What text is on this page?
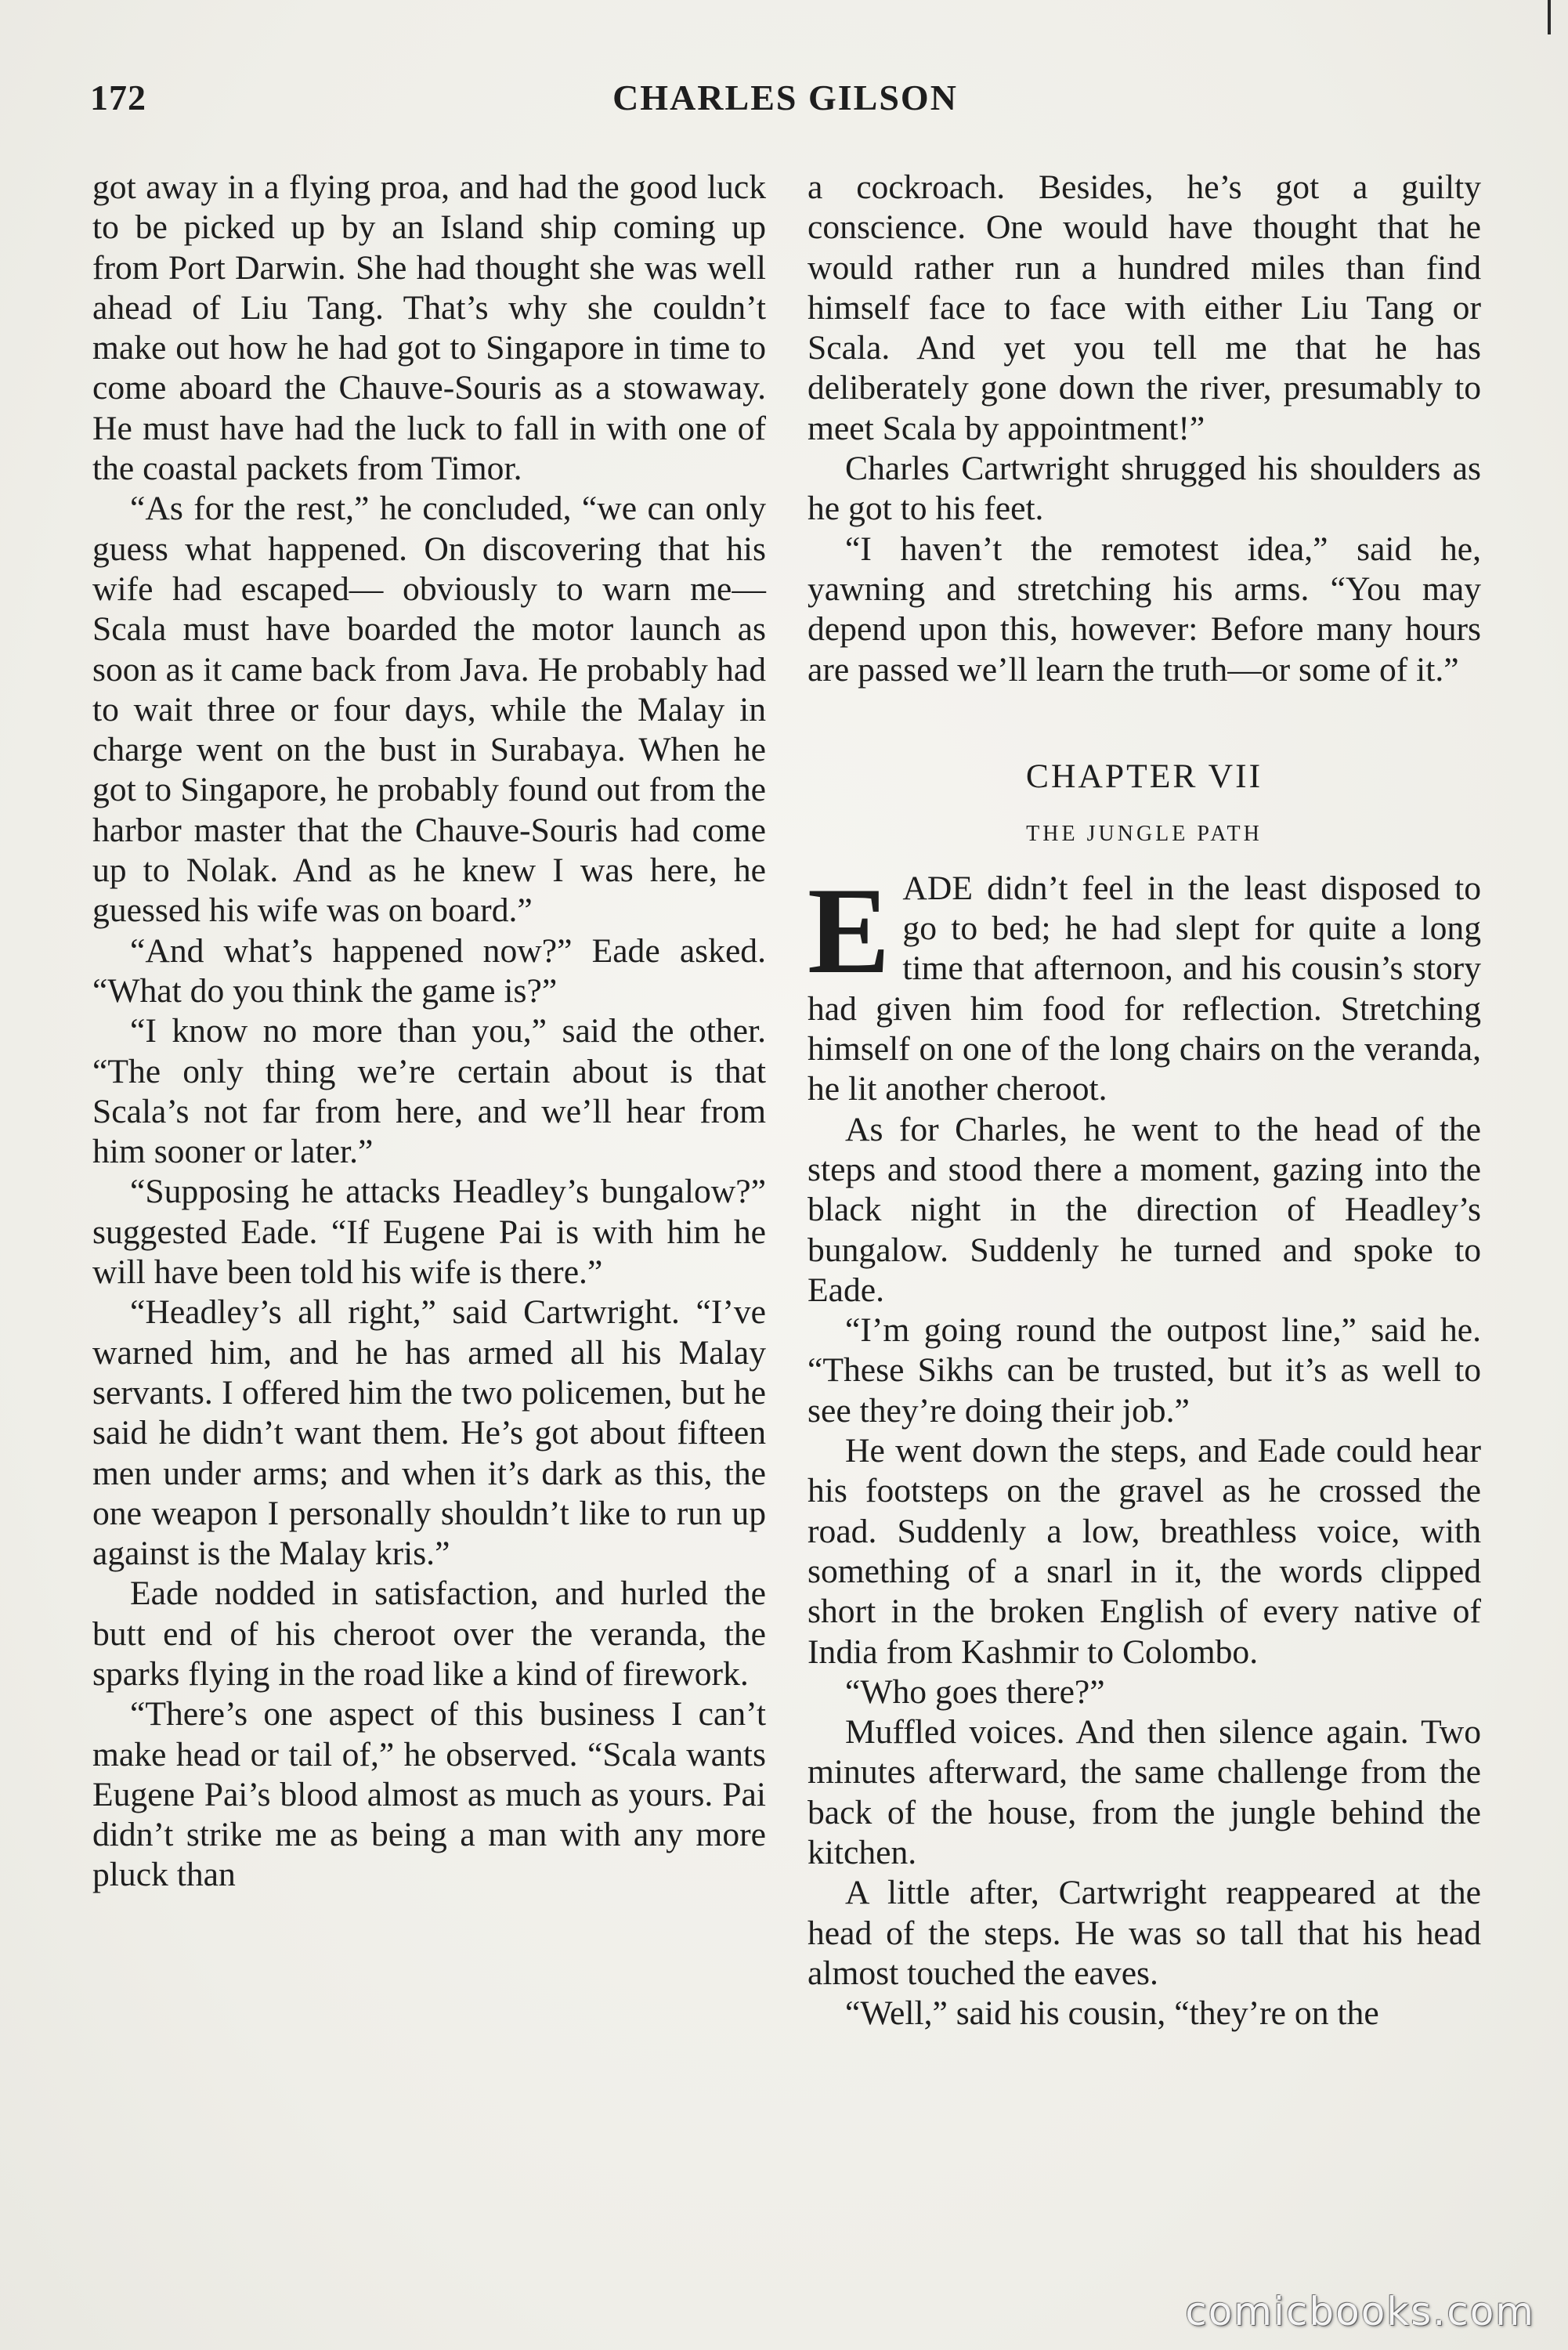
172	CHARLES GILSON

got away in a flying proa, and had the good luck to be picked up by an Island ship coming up from Port Darwin. She had thought she was well ahead of Liu Tang. That’s why she couldn’t make out how he had got to Singapore in time to come aboard the Chauve-Souris as a stowaway. He must have had the luck to fall in with one of the coastal packets from Timor.

“As for the rest,” he concluded, “we can only guess what happened. On discovering that his wife had escaped— obviously to warn me—Scala must have boarded the motor launch as soon as it came back from Java. He probably had to wait three or four days, while the Malay in charge went on the bust in Surabaya. When he got to Singapore, he probably found out from the harbor master that the Chauve-Souris had come up to Nolak. And as he knew I was here, he guessed his wife was on board.”

“And what’s happened now?” Eade asked. “What do you think the game is?”

“I know no more than you,” said the other. “The only thing we’re certain about is that Scala’s not far from here, and we’ll hear from him sooner or later.”

“Supposing he attacks Headley’s bungalow?” suggested Eade. “If Eugene Pai is with him he will have been told his wife is there.”

“Headley’s all right,” said Cartwright. “I’ve warned him, and he has armed all his Malay servants. I offered him the two policemen, but he said he didn’t want them. He’s got about fifteen men under arms; and when it’s dark as this, the one weapon I personally shouldn’t like to run up against is the Malay kris.”

Eade nodded in satisfaction, and hurled the butt end of his cheroot over the veranda, the sparks flying in the road like a kind of firework.

“There’s one aspect of this business I can’t make head or tail of,” he observed. “Scala wants Eugene Pai’s blood almost as much as yours. Pai didn’t strike me as being a man with any more pluck than

a cockroach. Besides, he’s got a guilty conscience. One would have thought that he would rather run a hundred miles than find himself face to face with either Liu Tang or Scala. And yet you tell me that he has deliberately gone down the river, presumably to meet Scala by appointment!”

Charles Cartwright shrugged his shoulders as he got to his feet.

“I haven’t the remotest idea,” said he, yawning and stretching his arms. “You may depend upon this, however: Before many hours are passed we’ll learn the truth—or some of it.”

CHAPTER VII
THE JUNGLE PATH

EADE didn’t feel in the least disposed to go to bed; he had slept for quite a long time that afternoon, and his cousin’s story had given him food for reflection. Stretching himself on one of the long chairs on the veranda, he lit another cheroot.

As for Charles, he went to the head of the steps and stood there a moment, gazing into the black night in the direction of Headley’s bungalow. Suddenly he turned and spoke to Eade.

“I’m going round the outpost line,” said he. “These Sikhs can be trusted, but it’s as well to see they’re doing their job.”

He went down the steps, and Eade could hear his footsteps on the gravel as he crossed the road. Suddenly a low, breathless voice, with something of a snarl in it, the words clipped short in the broken English of every native of India from Kashmir to Colombo.

“Who goes there?”

Muffled voices. And then silence again. Two minutes afterward, the same challenge from the back of the house, from the jungle behind the kitchen.

A little after, Cartwright reappeared at the head of the steps. He was so tall that his head almost touched the eaves.

“Well,” said his cousin, “they’re on the

comicbooks.com
